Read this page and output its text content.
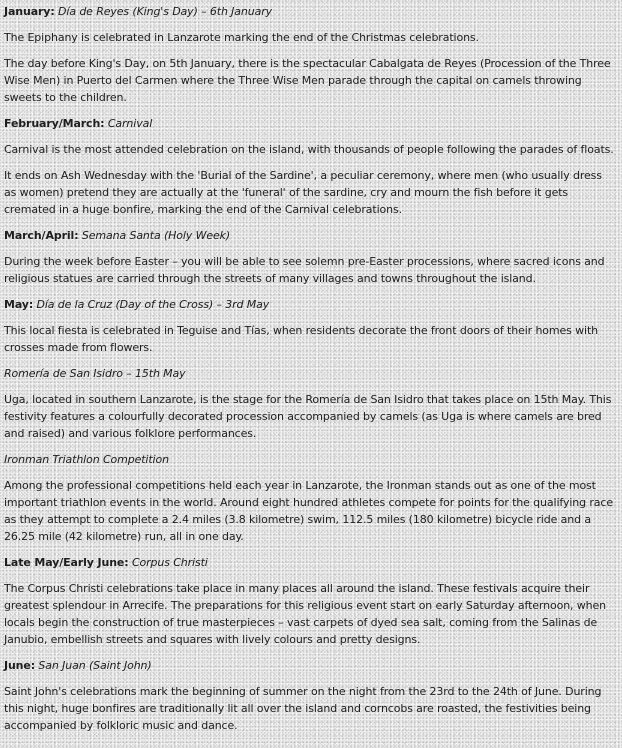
January: Día de Reyes (King's Day) – 6th January

The Epiphany is celebrated in Lanzarote marking the end of the Christmas celebrations.

The day before King's Day, on 5th January, there is the spectacular Cabalgata de Reyes (Procession of the Three Wise Men) in Puerto del Carmen where the Three Wise Men parade through the capital on camels throwing sweets to the children.

February/March: Carnival

Carnival is the most attended celebration on the island, with thousands of people following the parades of floats.

It ends on Ash Wednesday with the 'Burial of the Sardine', a peculiar ceremony, where men (who usually dress as women) pretend they are actually at the 'funeral' of the sardine, cry and mourn the fish before it gets cremated in a huge bonfire, marking the end of the Carnival celebrations.

March/April: Semana Santa (Holy Week)

During the week before Easter – you will be able to see solemn pre-Easter processions, where sacred icons and religious statues are carried through the streets of many villages and towns throughout the island.

May: Día de la Cruz (Day of the Cross) – 3rd May

This local fiesta is celebrated in Teguise and Tías, when residents decorate the front doors of their homes with crosses made from flowers.

Romería de San Isidro – 15th May

Uga, located in southern Lanzarote, is the stage for the Romería de San Isidro that takes place on 15th May. This festivity features a colourfully decorated procession accompanied by camels (as Uga is where camels are bred and raised) and various folklore performances.

Ironman Triathlon Competition

Among the professional competitions held each year in Lanzarote, the Ironman stands out as one of the most important triathlon events in the world. Around eight hundred athletes compete for points for the qualifying race as they attempt to complete a 2.4 miles (3.8 kilometre) swim, 112.5 miles (180 kilometre) bicycle ride and a 26.25 mile (42 kilometre) run, all in one day.

Late May/Early June: Corpus Christi

The Corpus Christi celebrations take place in many places all around the island. These festivals acquire their greatest splendour in Arrecife. The preparations for this religious event start on early Saturday afternoon, when locals begin the construction of true masterpieces – vast carpets of dyed sea salt, coming from the Salinas de Janubio, embellish streets and squares with lively colours and pretty designs.

June: San Juan (Saint John)

Saint John's celebrations mark the beginning of summer on the night from the 23rd to the 24th of June. During this night, huge bonfires are traditionally lit all over the island and corncobs are roasted, the festivities being accompanied by folkloric music and dance.
